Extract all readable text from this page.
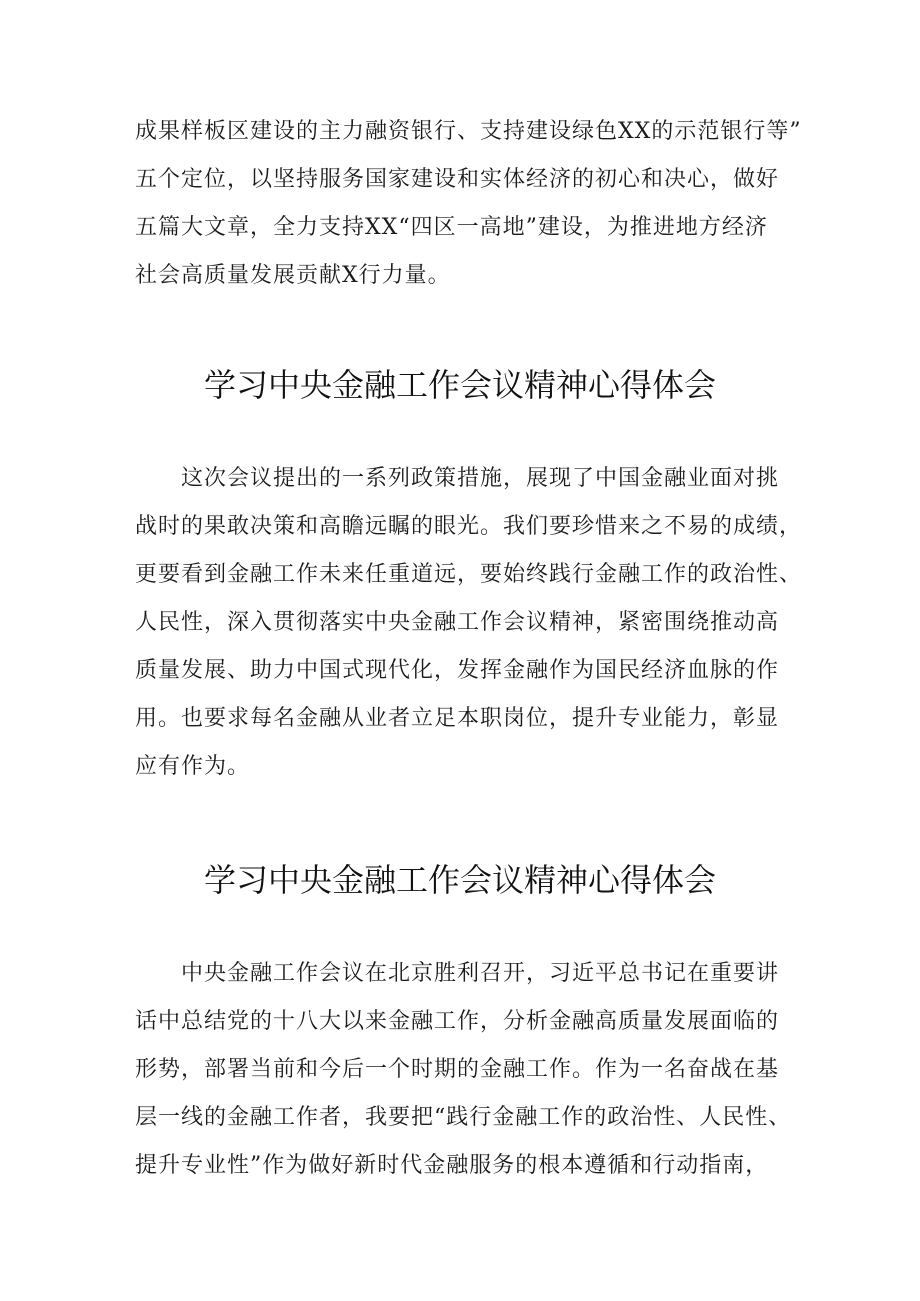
成果样板区建设的主力融资银行、支持建设绿色XX的示范银行等”
五个定位，以坚持服务国家建设和实体经济的初心和决心，做好
五篇大文章，全力支持XX“四区一高地”建设，为推进地方经济
社会高质量发展贡献X行力量。
学习中央金融工作会议精神心得体会
这次会议提出的一系列政策措施，展现了中国金融业面对挑
战时的果敢决策和高瞻远瞩的眼光。我们要珍惜来之不易的成绩，
更要看到金融工作未来任重道远，要始终践行金融工作的政治性、
人民性，深入贯彻落实中央金融工作会议精神，紧密围绕推动高
质量发展、助力中国式现代化，发挥金融作为国民经济血脉的作
用。也要求每名金融从业者立足本职岗位，提升专业能力，彰显
应有作为。
学习中央金融工作会议精神心得体会
中央金融工作会议在北京胜利召开，习近平总书记在重要讲
话中总结党的十八大以来金融工作，分析金融高质量发展面临的
形势，部署当前和今后一个时期的金融工作。作为一名奋战在基
层一线的金融工作者，我要把“践行金融工作的政治性、人民性、
提升专业性”作为做好新时代金融服务的根本遵循和行动指南，
